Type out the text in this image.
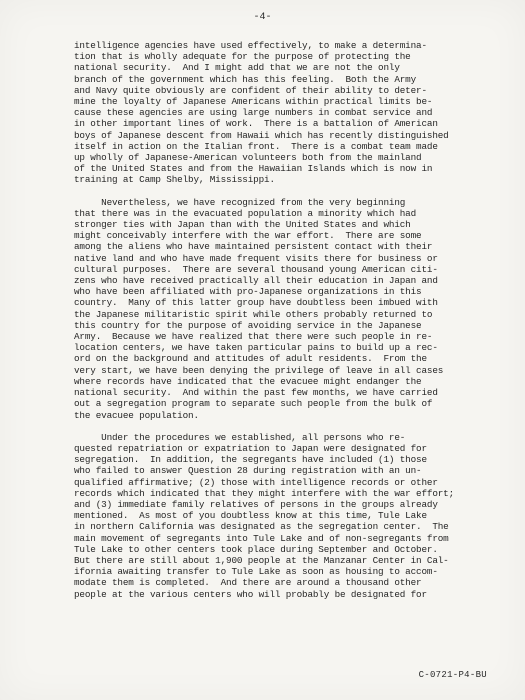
-4-

intelligence agencies have used effectively, to make a determina-
tion that is wholly adequate for the purpose of protecting the
national security.  And I might add that we are not the only
branch of the government which has this feeling.  Both the Army
and Navy quite obviously are confident of their ability to deter-
mine the loyalty of Japanese Americans within practical limits be-
cause these agencies are using large numbers in combat service and
in other important lines of work.  There is a battalion of American
boys of Japanese descent from Hawaii which has recently distinguished
itself in action on the Italian front.  There is a combat team made
up wholly of Japanese-American volunteers both from the mainland
of the United States and from the Hawaiian Islands which is now in
training at Camp Shelby, Mississippi.

Nevertheless, we have recognized from the very beginning
that there was in the evacuated population a minority which had
stronger ties with Japan than with the United States and which
might conceivably interfere with the war effort.  There are some
among the aliens who have maintained persistent contact with their
native land and who have made frequent visits there for business or
cultural purposes.  There are several thousand young American citi-
zens who have received practically all their education in Japan and
who have been affiliated with pro-Japanese organizations in this
country.  Many of this latter group have doubtless been imbued with
the Japanese militaristic spirit while others probably returned to
this country for the purpose of avoiding service in the Japanese
Army.  Because we have realized that there were such people in re-
location centers, we have taken particular pains to build up a rec-
ord on the background and attitudes of adult residents.  From the
very start, we have been denying the privilege of leave in all cases
where records have indicated that the evacuee might endanger the
national security.  And within the past few months, we have carried
out a segregation program to separate such people from the bulk of
the evacuee population.

Under the procedures we established, all persons who re-
quested repatriation or expatriation to Japan were designated for
segregation.  In addition, the segregants have included (1) those
who failed to answer Question 28 during registration with an un-
qualified affirmative; (2) those with intelligence records or other
records which indicated that they might interfere with the war effort;
and (3) immediate family relatives of persons in the groups already
mentioned.  As most of you doubtless know at this time, Tule Lake
in northern California was designated as the segregation center.  The
main movement of segregants into Tule Lake and of non-segregants from
Tule Lake to other centers took place during September and October.
But there are still about 1,900 people at the Manzanar Center in Cal-
ifornia awaiting transfer to Tule Lake as soon as housing to accom-
modate them is completed.  And there are around a thousand other
people at the various centers who will probably be designated for

C-0721-P4-BU
